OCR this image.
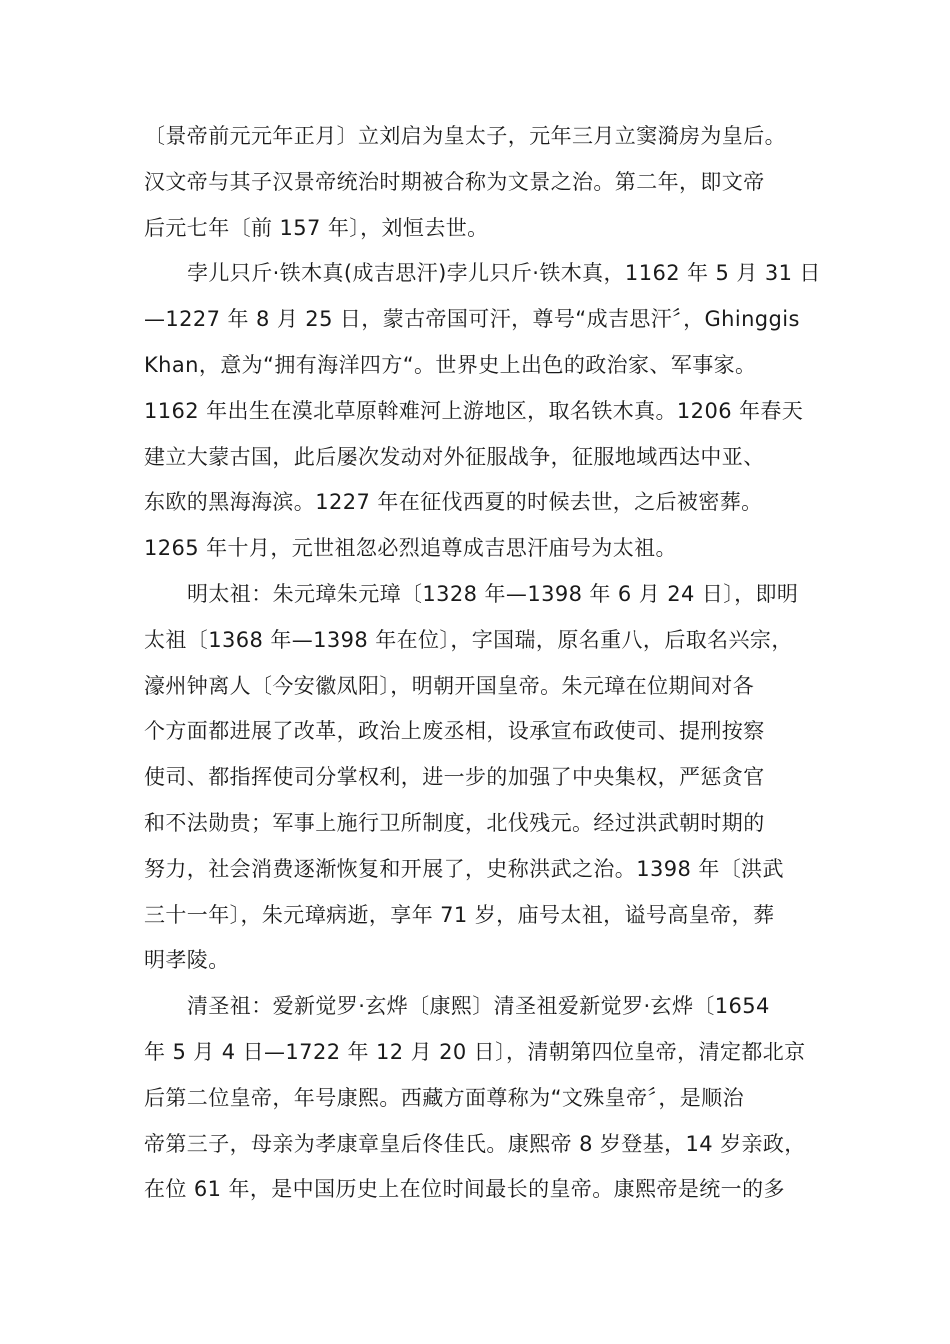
〔景帝前元元年正月〕立刘启为皇太子，元年三月立窦漪房为皇后。
汉文帝与其子汉景帝统治时期被合称为文景之治。第二年，即文帝
后元七年〔前 157 年〕，刘恒去世。

孛儿只斤·铁木真(成吉思汗)孛儿只斤·铁木真，1162 年 5 月 31 日
—1227 年 8 月 25 日，蒙古帝国可汗，尊号“成吉思汗〞，Ghinggis
Khan，意为“拥有海洋四方“。世界史上出色的政治家、军事家。
1162 年出生在漠北草原斡难河上游地区，取名铁木真。1206 年春天
建立大蒙古国，此后屡次发动对外征服战争，征服地域西达中亚、
东欧的黑海海滨。1227 年在征伐西夏的时候去世，之后被密葬。
1265 年十月，元世祖忽必烈追尊成吉思汗庙号为太祖。

明太祖：朱元璋朱元璋〔1328 年—1398 年 6 月 24 日〕，即明
太祖〔1368 年—1398 年在位〕，字国瑞，原名重八，后取名兴宗，
濠州钟离人〔今安徽凤阳〕，明朝开国皇帝。朱元璋在位期间对各
个方面都进展了改革，政治上废丞相，设承宣布政使司、提刑按察
使司、都指挥使司分掌权利，进一步的加强了中央集权，严惩贪官
和不法勋贵；军事上施行卫所制度，北伐残元。经过洪武朝时期的
努力，社会消费逐渐恢复和开展了，史称洪武之治。1398 年〔洪武
三十一年〕，朱元璋病逝，享年 71 岁，庙号太祖，谥号高皇帝，葬
明孝陵。

清圣祖：爱新觉罗·玄烨〔康熙〕清圣祖爱新觉罗·玄烨〔1654
年 5 月 4 日—1722 年 12 月 20 日〕，清朝第四位皇帝，清定都北京
后第二位皇帝，年号康熙。西藏方面尊称为“文殊皇帝〞，是顺治
帝第三子，母亲为孝康章皇后佟佳氏。康熙帝 8 岁登基，14 岁亲政，
在位 61 年，是中国历史上在位时间最长的皇帝。康熙帝是统一的多
